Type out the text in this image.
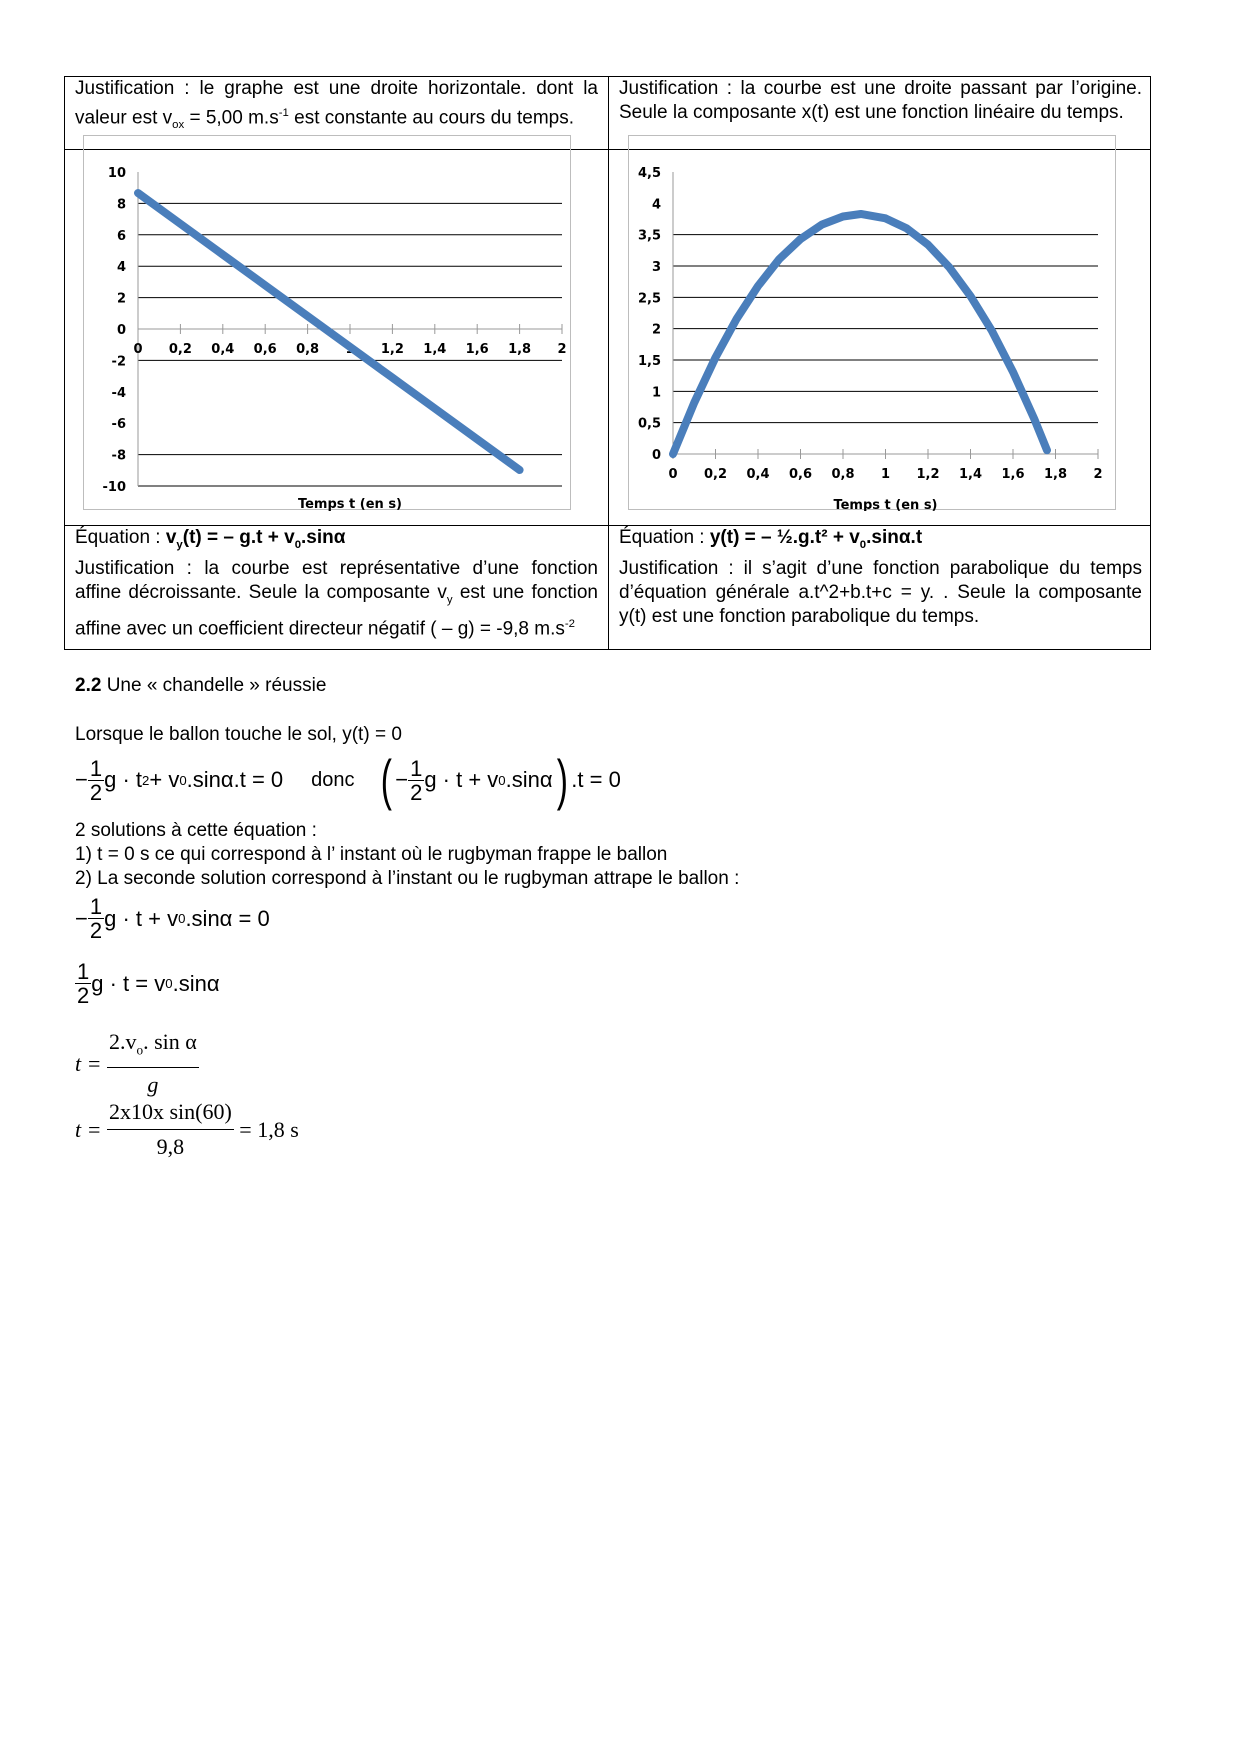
Justification : le graphe est une droite horizontale. dont la valeur est $v_{ox} = 5,00$ $m.s^{-1}$ est constante au cours du temps.
Justification : la courbe est une droite passant par l’origine. Seule la composante x(t) est une fonction linéaire du temps.
10
8
6
4
2
0
-2
-4
-6
-8
-10
0 0,2 0,4 0,6 0,8 1 1,2 1,4 1,6 1,8 2
Temps t (en s)
4,5
4
3,5
3
2,5
2
1,5
1
0,5
0
0 0,2 0,4 0,6 0,8 1 1,2 1,4 1,6 1,8 2
Temps t (en s)
Équation : $v_y(t)$ = – $g.t + v_0.\sin\alpha$
Justification : la courbe est représentative d’une fonction affine décroissante. Seule la composante $v_y$ est une fonction affine avec un coefficient directeur négatif ( – g) = -9,8 $m.s^{-2}$
Équation : y(t) = – ½.g.t² + $v_0.\sin\alpha.t$
Justification : il s’agit d’une fonction parabolique du temps d’équation générale a.t^2+b.t+c = y. . Seule la composante y(t) est une fonction parabolique du temps.
2.2 Une « chandelle » réussie
Lorsque le ballon touche le sol, y(t) = 0
− $\frac{1}{2}$ g · t 2 + v 0 .sinα.t = 0 donc ( − $\frac{1}{2}$ g · t + v 0 .sinα ) .t = 0
2 solutions à cette équation :
1) t = 0 s ce qui correspond à l’ instant où le rugbyman frappe le ballon
2) La seconde solution correspond à l’instant ou le rugbyman attrape le ballon :
− $\frac{1}{2}$ g · t + v 0 .sinα = 0
$\frac{1}{2}$ g · t = v 0 .sinα
t =
$\frac{2.v_o. \sin \alpha}{g}$
t =
$\frac{\text{2x10x sin(60)}}{9,8}$
= 1,8 s
